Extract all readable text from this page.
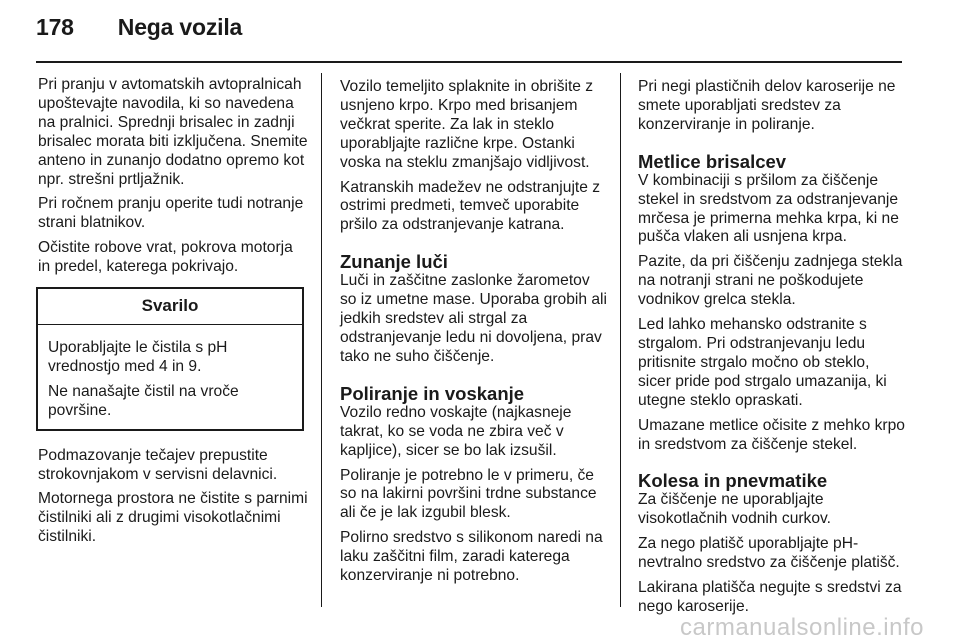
178 Nega vozila

Pri pranju v avtomatskih avtopralnicah upoštevajte navodila, ki so navedena na pralnici. Sprednji brisalec in zadnji brisalec morata biti izključena. Snemite anteno in zunanjo dodatno opremo kot npr. strešni prtljažnik.

Pri ročnem pranju operite tudi notranje strani blatnikov.

Očistite robove vrat, pokrova motorja in predel, katerega pokrivajo.

Svarilo

Uporabljajte le čistila s pH vrednostjo med 4 in 9.

Ne nanašajte čistil na vroče površine.

Podmazovanje tečajev prepustite strokovnjakom v servisni delavnici.

Motornega prostora ne čistite s parnimi čistilniki ali z drugimi visokotlačnimi čistilniki.

Vozilo temeljito splaknite in obrišite z usnjeno krpo. Krpo med brisanjem večkrat sperite. Za lak in steklo uporabljajte različne krpe. Ostanki voska na steklu zmanjšajo vidljivost.

Katranskih madežev ne odstranjujte z ostrimi predmeti, temveč uporabite pršilo za odstranjevanje katrana.

Zunanje luči

Luči in zaščitne zaslonke žarometov so iz umetne mase. Uporaba grobih ali jedkih sredstev ali strgal za odstranjevanje ledu ni dovoljena, prav tako ne suho čiščenje.

Poliranje in voskanje

Vozilo redno voskajte (najkasneje takrat, ko se voda ne zbira več v kapljice), sicer se bo lak izsušil.

Poliranje je potrebno le v primeru, če so na lakirni površini trdne substance ali če je lak izgubil blesk.

Polirno sredstvo s silikonom naredi na laku zaščitni film, zaradi katerega konzerviranje ni potrebno.

Pri negi plastičnih delov karoserije ne smete uporabljati sredstev za konzerviranje in poliranje.

Metlice brisalcev

V kombinaciji s pršilom za čiščenje stekel in sredstvom za odstranjevanje mrčesa je primerna mehka krpa, ki ne pušča vlaken ali usnjena krpa.

Pazite, da pri čiščenju zadnjega stekla na notranji strani ne poškodujete vodnikov grelca stekla.

Led lahko mehansko odstranite s strgalom. Pri odstranjevanju ledu pritisnite strgalo močno ob steklo, sicer pride pod strgalo umazanija, ki utegne steklo opraskati.

Umazane metlice očisite z mehko krpo in sredstvom za čiščenje stekel.

Kolesa in pnevmatike

Za čiščenje ne uporabljajte visokotlačnih vodnih curkov.

Za nego platišč uporabljajte pH-nevtralno sredstvo za čiščenje platišč.

Lakirana platišča negujte s sredstvi za nego karoserije.

carmanualsonline.info
